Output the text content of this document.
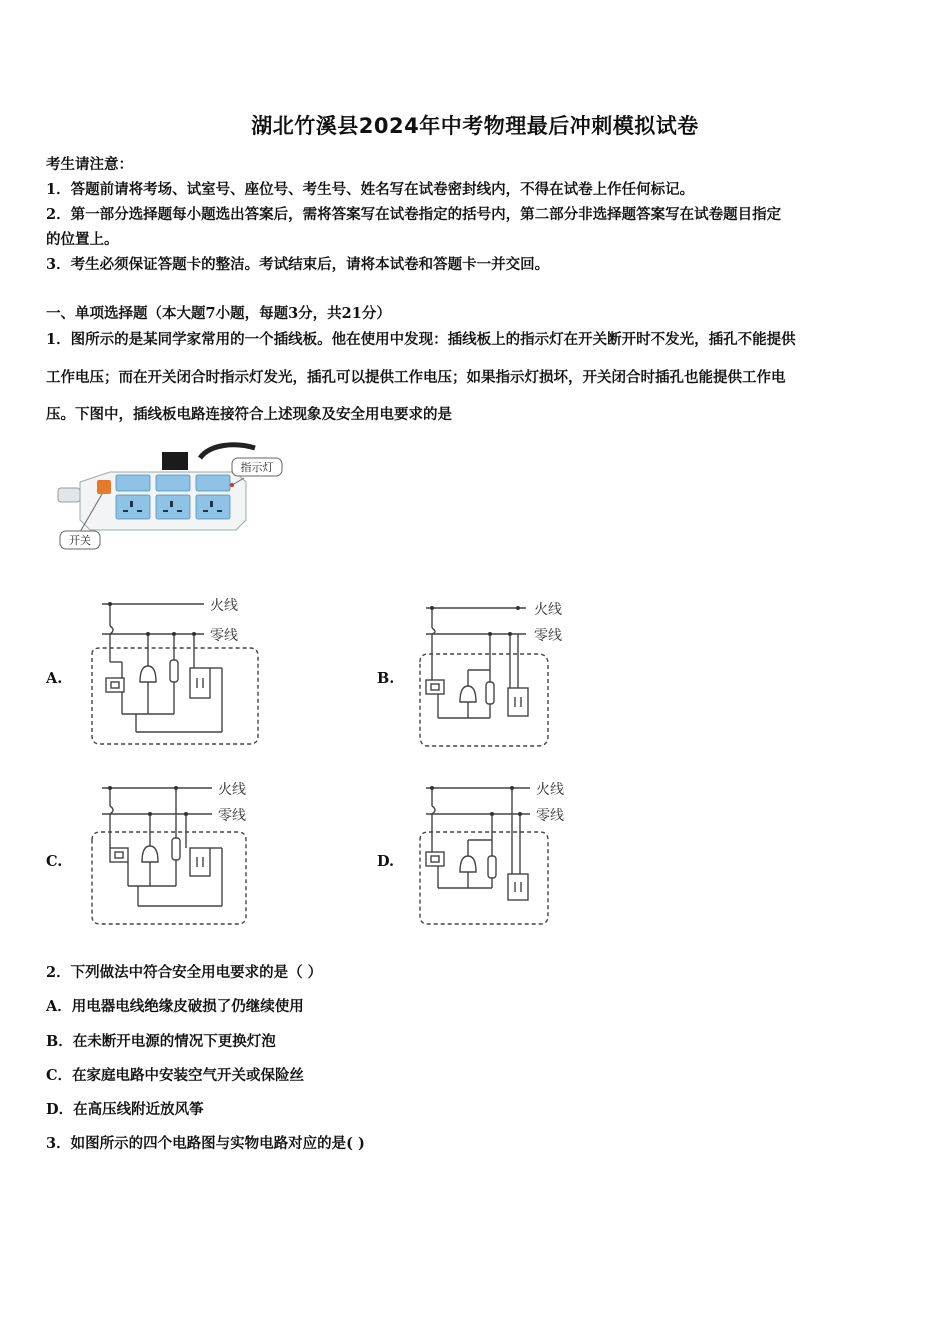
湖北竹溪县2024年中考物理最后冲刺模拟试卷
考生请注意：
1．答题前请将考场、试室号、座位号、考生号、姓名写在试卷密封线内，不得在试卷上作任何标记。
2．第一部分选择题每小题选出答案后，需将答案写在试卷指定的括号内，第二部分非选择题答案写在试卷题目指定
的位置上。
3．考生必须保证答题卡的整洁。考试结束后，请将本试卷和答题卡一并交回。
一、单项选择题（本大题7小题，每题3分，共21分）
1．图所示的是某同学家常用的一个插线板。他在使用中发现：插线板上的指示灯在开关断开时不发光，插孔不能提供
工作电压；而在开关闭合时指示灯发光，插孔可以提供工作电压；如果指示灯损坏，开关闭合时插孔也能提供工作电
压。下图中，插线板电路连接符合上述现象及安全用电要求的是
指示灯
开关
A.	B.
C.	D.
火线
零线
火线
零线
火线
零线
火线
零线
2．下列做法中符合安全用电要求的是（ ）
A．用电器电线绝缘皮破损了仍继续使用
B．在未断开电源的情况下更换灯泡
C．在家庭电路中安装空气开关或保险丝
D．在高压线附近放风筝
3．如图所示的四个电路图与实物电路对应的是( )
